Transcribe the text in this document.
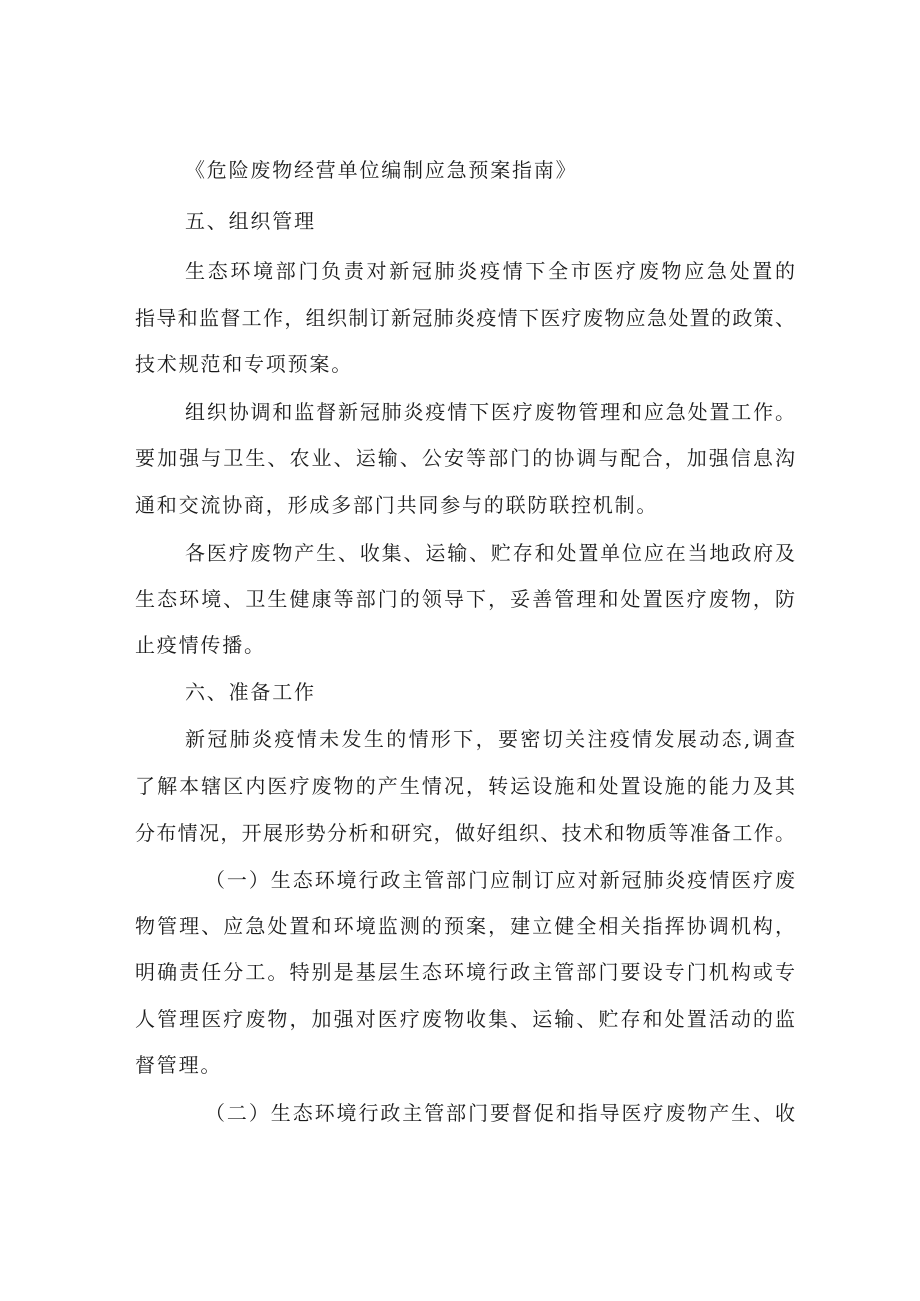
《危险废物经营单位编制应急预案指南》
五、组织管理
生态环境部门负责对新冠肺炎疫情下全市医疗废物应急处置的
指导和监督工作，组织制订新冠肺炎疫情下医疗废物应急处置的政策、
技术规范和专项预案。
组织协调和监督新冠肺炎疫情下医疗废物管理和应急处置工作。
要加强与卫生、农业、运输、公安等部门的协调与配合，加强信息沟
通和交流协商，形成多部门共同参与的联防联控机制。
各医疗废物产生、收集、运输、贮存和处置单位应在当地政府及
生态环境、卫生健康等部门的领导下，妥善管理和处置医疗废物，防
止疫情传播。
六、准备工作
新冠肺炎疫情未发生的情形下，要密切关注疫情发展动态,调查
了解本辖区内医疗废物的产生情况，转运设施和处置设施的能力及其
分布情况，开展形势分析和研究，做好组织、技术和物质等准备工作。
（一）生态环境行政主管部门应制订应对新冠肺炎疫情医疗废
物管理、应急处置和环境监测的预案，建立健全相关指挥协调机构，
明确责任分工。特别是基层生态环境行政主管部门要设专门机构或专
人管理医疗废物，加强对医疗废物收集、运输、贮存和处置活动的监
督管理。
（二）生态环境行政主管部门要督促和指导医疗废物产生、收
